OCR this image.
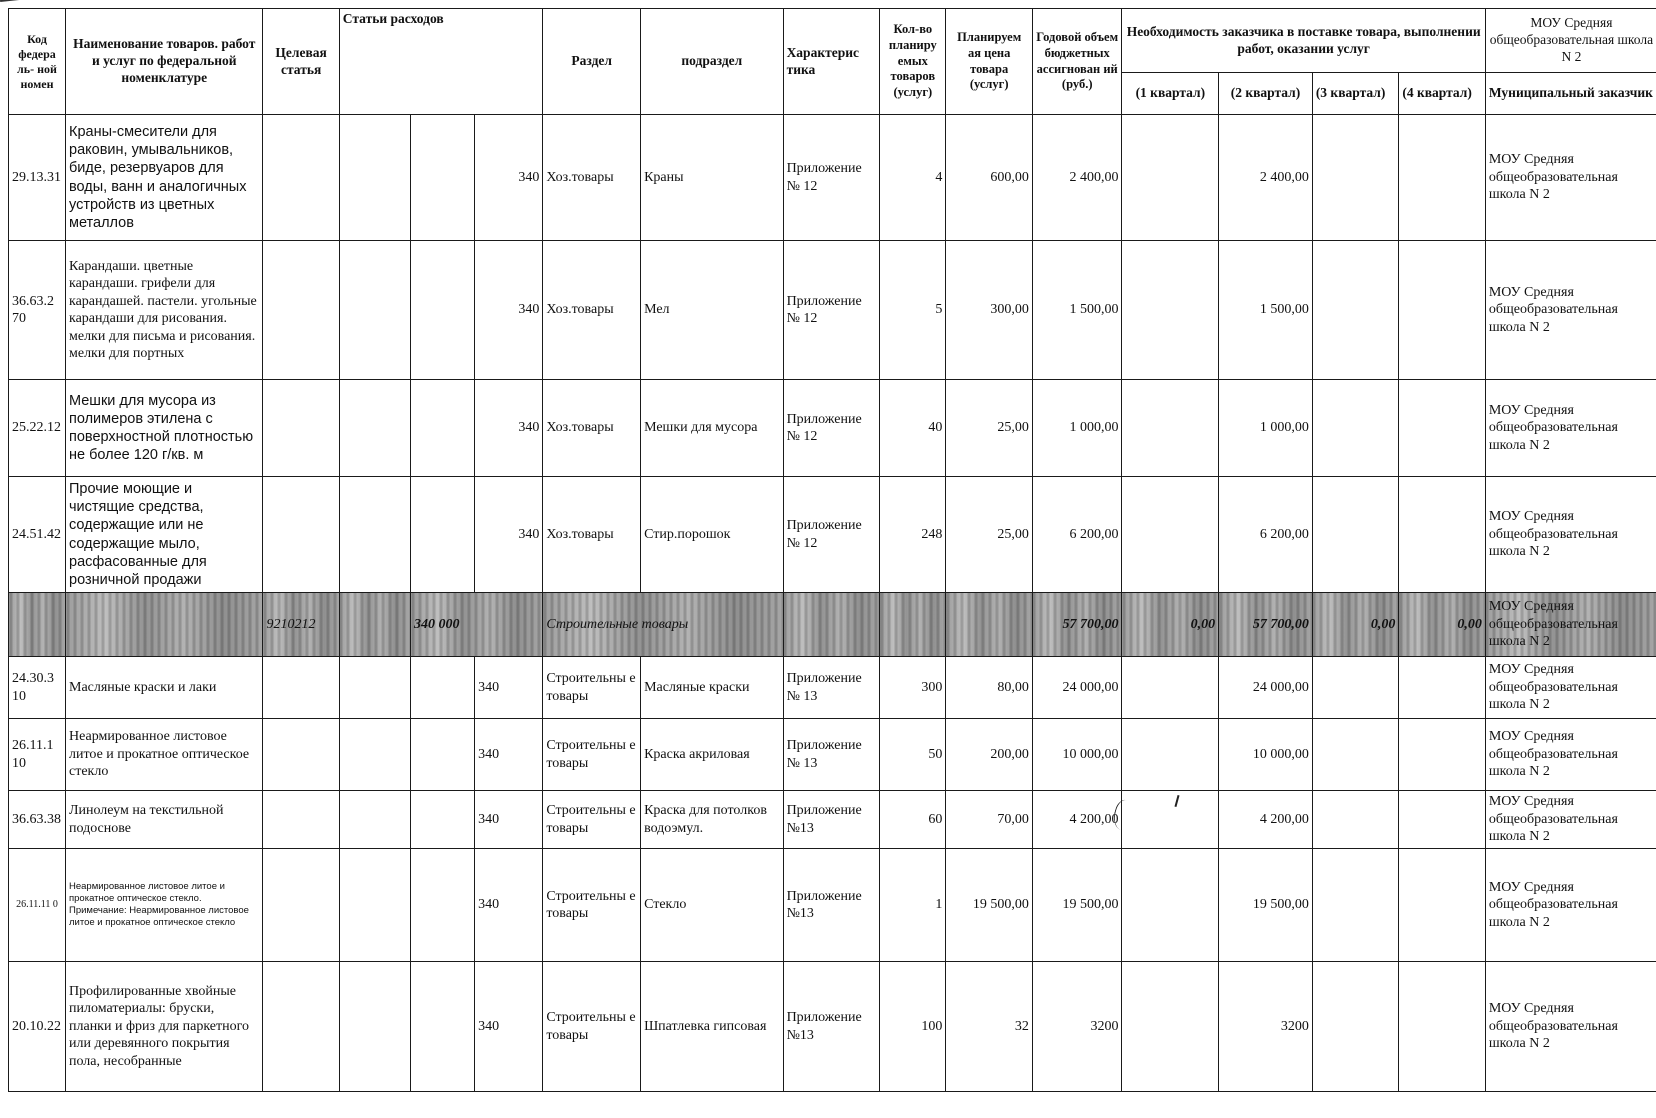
Код федера ль- ной номен	Наименование товаров. работ и услуг по федеральной номенклатуре	Целевая статья	Статьи расходов			Раздел	подраздел	Характерис тика	Кол-во планиру емых товаров (услуг)	Планируем ая цена товара (услуг)	Годовой объем бюджетных ассигнован ий (руб.)	Необходимость заказчика в поставке товара, выполнении работ, оказании услуг				МОУ Средняя общеобразовательная школа N 2
												(1 квартал)	(2 квартал)	(3 квартал)	(4 квартал)	Муниципальный заказчик
29.13.31	Краны-смесители для раковин, умывальников, биде, резервуаров для воды, ванн и аналогичных устройств из цветных металлов				340	Хоз.товары	Краны	Приложение № 12	4	600,00	2 400,00		2 400,00			МОУ Средняя общеобразовательная школа N 2
36.63.2 70	Карандаши. цветные карандаши. грифели для карандашей. пастели. угольные карандаши для рисования. мелки для письма и рисования. мелки для портных				340	Хоз.товары	Мел	Приложение № 12	5	300,00	1 500,00		1 500,00			МОУ Средняя общеобразовательная школа N 2
25.22.12	Мешки для мусора из полимеров этилена с поверхностной плотностью не более 120 г/кв. м				340	Хоз.товары	Мешки для мусора	Приложение № 12	40	25,00	1 000,00		1 000,00			МОУ Средняя общеобразовательная школа N 2
24.51.42	Прочие моющие и чистящие средства, содержащие или не содержащие мыло, расфасованные для розничной продажи				340	Хоз.товары	Стир.порошок	Приложение № 12	248	25,00	6 200,00		6 200,00			МОУ Средняя общеобразовательная школа N 2
		9210212		340 000		Строительные товары					57 700,00	0,00	57 700,00	0,00	0,00	МОУ Средняя общеобразовательная школа N 2
24.30.3 10	Масляные краски и лаки				340	Строительны е товары	Масляные краски	Приложение № 13	300	80,00	24 000,00		24 000,00			МОУ Средняя общеобразовательная школа N 2
26.11.1 10	Неармированное листовое литое и прокатное оптическое стекло				340	Строительны е товары	Краска акриловая	Приложение № 13	50	200,00	10 000,00		10 000,00			МОУ Средняя общеобразовательная школа N 2
36.63.38	Линолеум на текстильной подоснове				340	Строительны е товары	Краска для потолков водоэмул.	Приложение №13	60	70,00	4 200,00		4 200,00			МОУ Средняя общеобразовательная школа N 2
26.11.11 0	Неармированное листовое литое и прокатное оптическое стекло. Примечание: Неармированное листовое литое и прокатное оптическое стекло				340	Строительны е товары	Стекло	Приложение №13	1	19 500,00	19 500,00		19 500,00			МОУ Средняя общеобразовательная школа N 2
20.10.22	Профилированные хвойные пиломатериалы: бруски, планки и фриз для паркетного или деревянного покрытия пола, несобранные				340	Строительны е товары	Шпатлевка гипсовая	Приложение №13	100	32	3200		3200			МОУ Средняя общеобразовательная школа N 2
